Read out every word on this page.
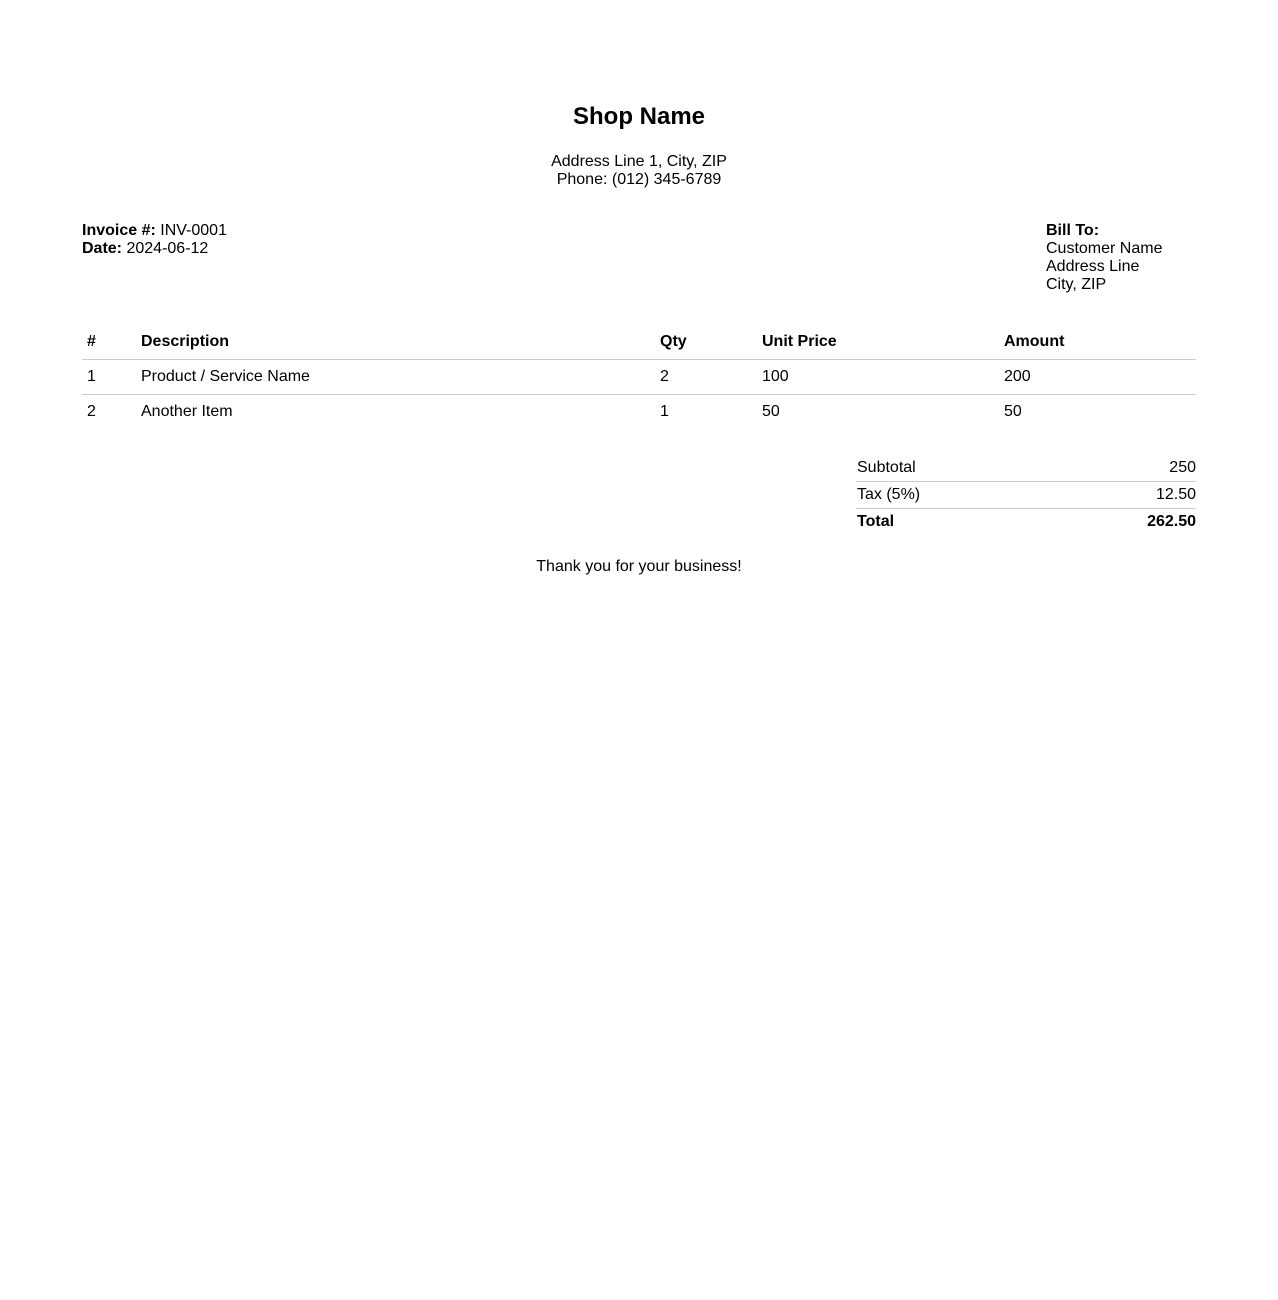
Shop Name
Address Line 1, City, ZIP
Phone: (012) 345-6789
Invoice #: INV-0001
Date: 2024-06-12
Bill To:
Customer Name
Address Line
City, ZIP
#	Description	Qty	Unit Price	Amount
1	Product / Service Name	2	100	200
2	Another Item	1	50	50
Subtotal	250
Tax (5%)	12.50
Total	262.50
Thank you for your business!
